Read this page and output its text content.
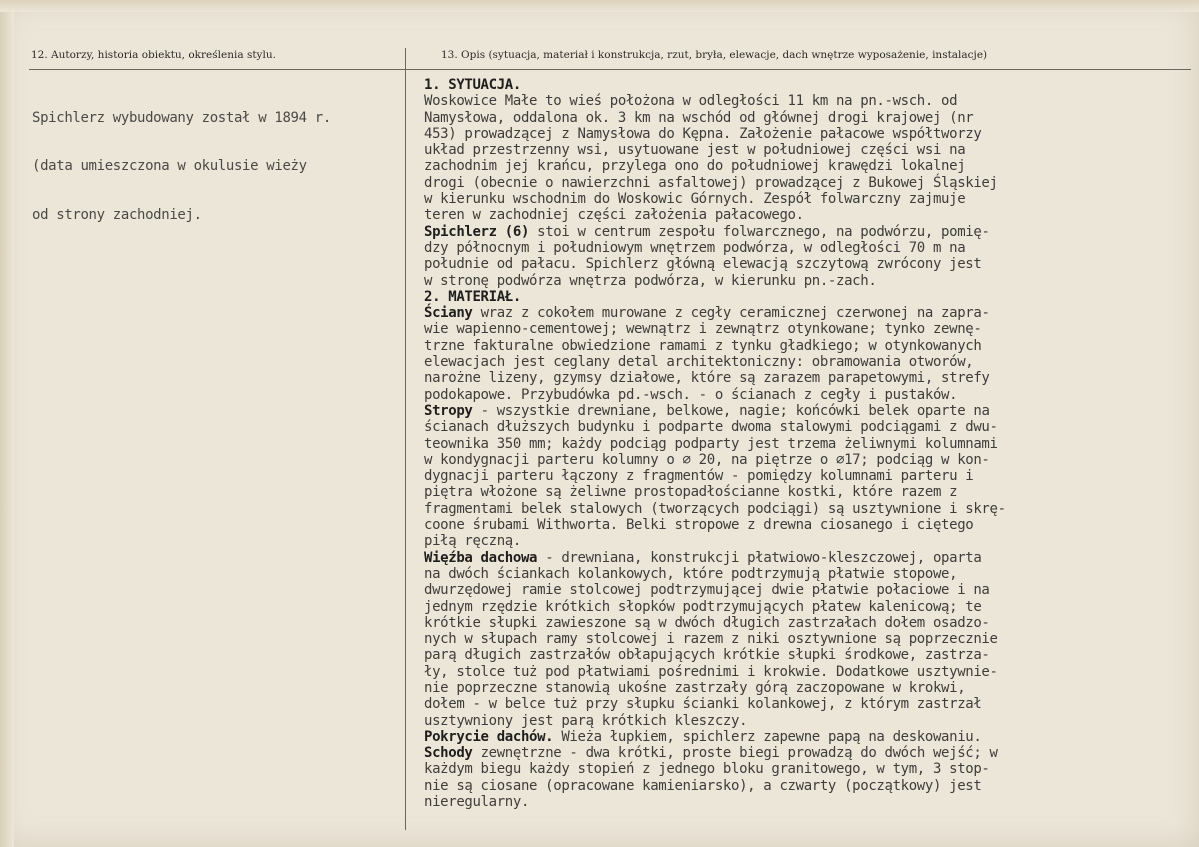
12. Autorzy, historia obiektu, określenia stylu.	13. Opis (sytuacja, materiał i konstrukcja, rzut, bryła, elewacje, dach wnętrze wyposażenie, instalacje)

Spichlerz wybudowany został w 1894 r.

(data umieszczona w okulusie wieży

od strony zachodniej.

1. SYTUACJA.
Woskowice Małe to wieś położona w odległości 11 km na pn.-wsch. od
Namysłowa, oddalona ok. 3 km na wschód od głównej drogi krajowej (nr
453) prowadzącej z Namysłowa do Kępna. Założenie pałacowe współtworzy
układ przestrzenny wsi, usytuowane jest w południowej części wsi na
zachodnim jej krańcu, przylega ono do południowej krawędzi lokalnej
drogi (obecnie o nawierzchni asfaltowej) prowadzącej z Bukowej Śląskiej
w kierunku wschodnim do Woskowic Górnych. Zespół folwarczny zajmuje
teren w zachodniej części założenia pałacowego.
Spichlerz (6) stoi w centrum zespołu folwarcznego, na podwórzu, pomię-
dzy północnym i południowym wnętrzem podwórza, w odległości 70 m na
południe od pałacu. Spichlerz główną elewacją szczytową zwrócony jest
w stronę podwórza wnętrza podwórza, w kierunku pn.-zach.
2. MATERIAŁ.
Ściany wraz z cokołem murowane z cegły ceramicznej czerwonej na zapra-
wie wapienno-cementowej; wewnątrz i zewnątrz otynkowane; tynko zewnę-
trzne fakturalne obwiedzione ramami z tynku gładkiego; w otynkowanych
elewacjach jest ceglany detal architektoniczny: obramowania otworów,
narożne lizeny, gzymsy działowe, które są zarazem parapetowymi, strefy
podokapowe. Przybudówka pd.-wsch. - o ścianach z cegły i pustaków.
Stropy - wszystkie drewniane, belkowe, nagie; końcówki belek oparte na
ścianach dłuższych budynku i podparte dwoma stalowymi podciągami z dwu-
teownika 350 mm; każdy podciąg podparty jest trzema żeliwnymi kolumnami
w kondygnacji parteru kolumny o ∅ 20, na piętrze o ∅17; podciąg w kon-
dygnacji parteru łączony z fragmentów - pomiędzy kolumnami parteru i
piętra włożone są żeliwne prostopadłościanne kostki, które razem z
fragmentami belek stalowych (tworzących podciągi) są usztywnione i skrę-
coone śrubami Withworta. Belki stropowe z drewna ciosanego i ciętego
piłą ręczną.
Więźba dachowa - drewniana, konstrukcji płatwiowo-kleszczowej, oparta
na dwóch ściankach kolankowych, które podtrzymują płatwie stopowe,
dwurzędowej ramie stolcowej podtrzymującej dwie płatwie połaciowe i na
jednym rzędzie krótkich słopków podtrzymujących płatew kalenicową; te
krótkie słupki zawieszone są w dwóch długich zastrzałach dołem osadzo-
nych w słupach ramy stolcowej i razem z niki osztywnione są poprzecznie
parą długich zastrzałów obłapujących krótkie słupki środkowe, zastrza-
ły, stolce tuż pod płatwiami pośrednimi i krokwie. Dodatkowe usztywnie-
nie poprzeczne stanowią ukośne zastrzały górą zaczopowane w krokwi,
dołem - w belce tuż przy słupku ścianki kolankowej, z którym zastrzał
usztywniony jest parą krótkich kleszczy.
Pokrycie dachów. Wieża łupkiem, spichlerz zapewne papą na deskowaniu.
Schody zewnętrzne - dwa krótki, proste biegi prowadzą do dwóch wejść; w
każdym biegu każdy stopień z jednego bloku granitowego, w tym, 3 stop-
nie są ciosane (opracowane kamieniarsko), a czwarty (początkowy) jest
nieregularny.
